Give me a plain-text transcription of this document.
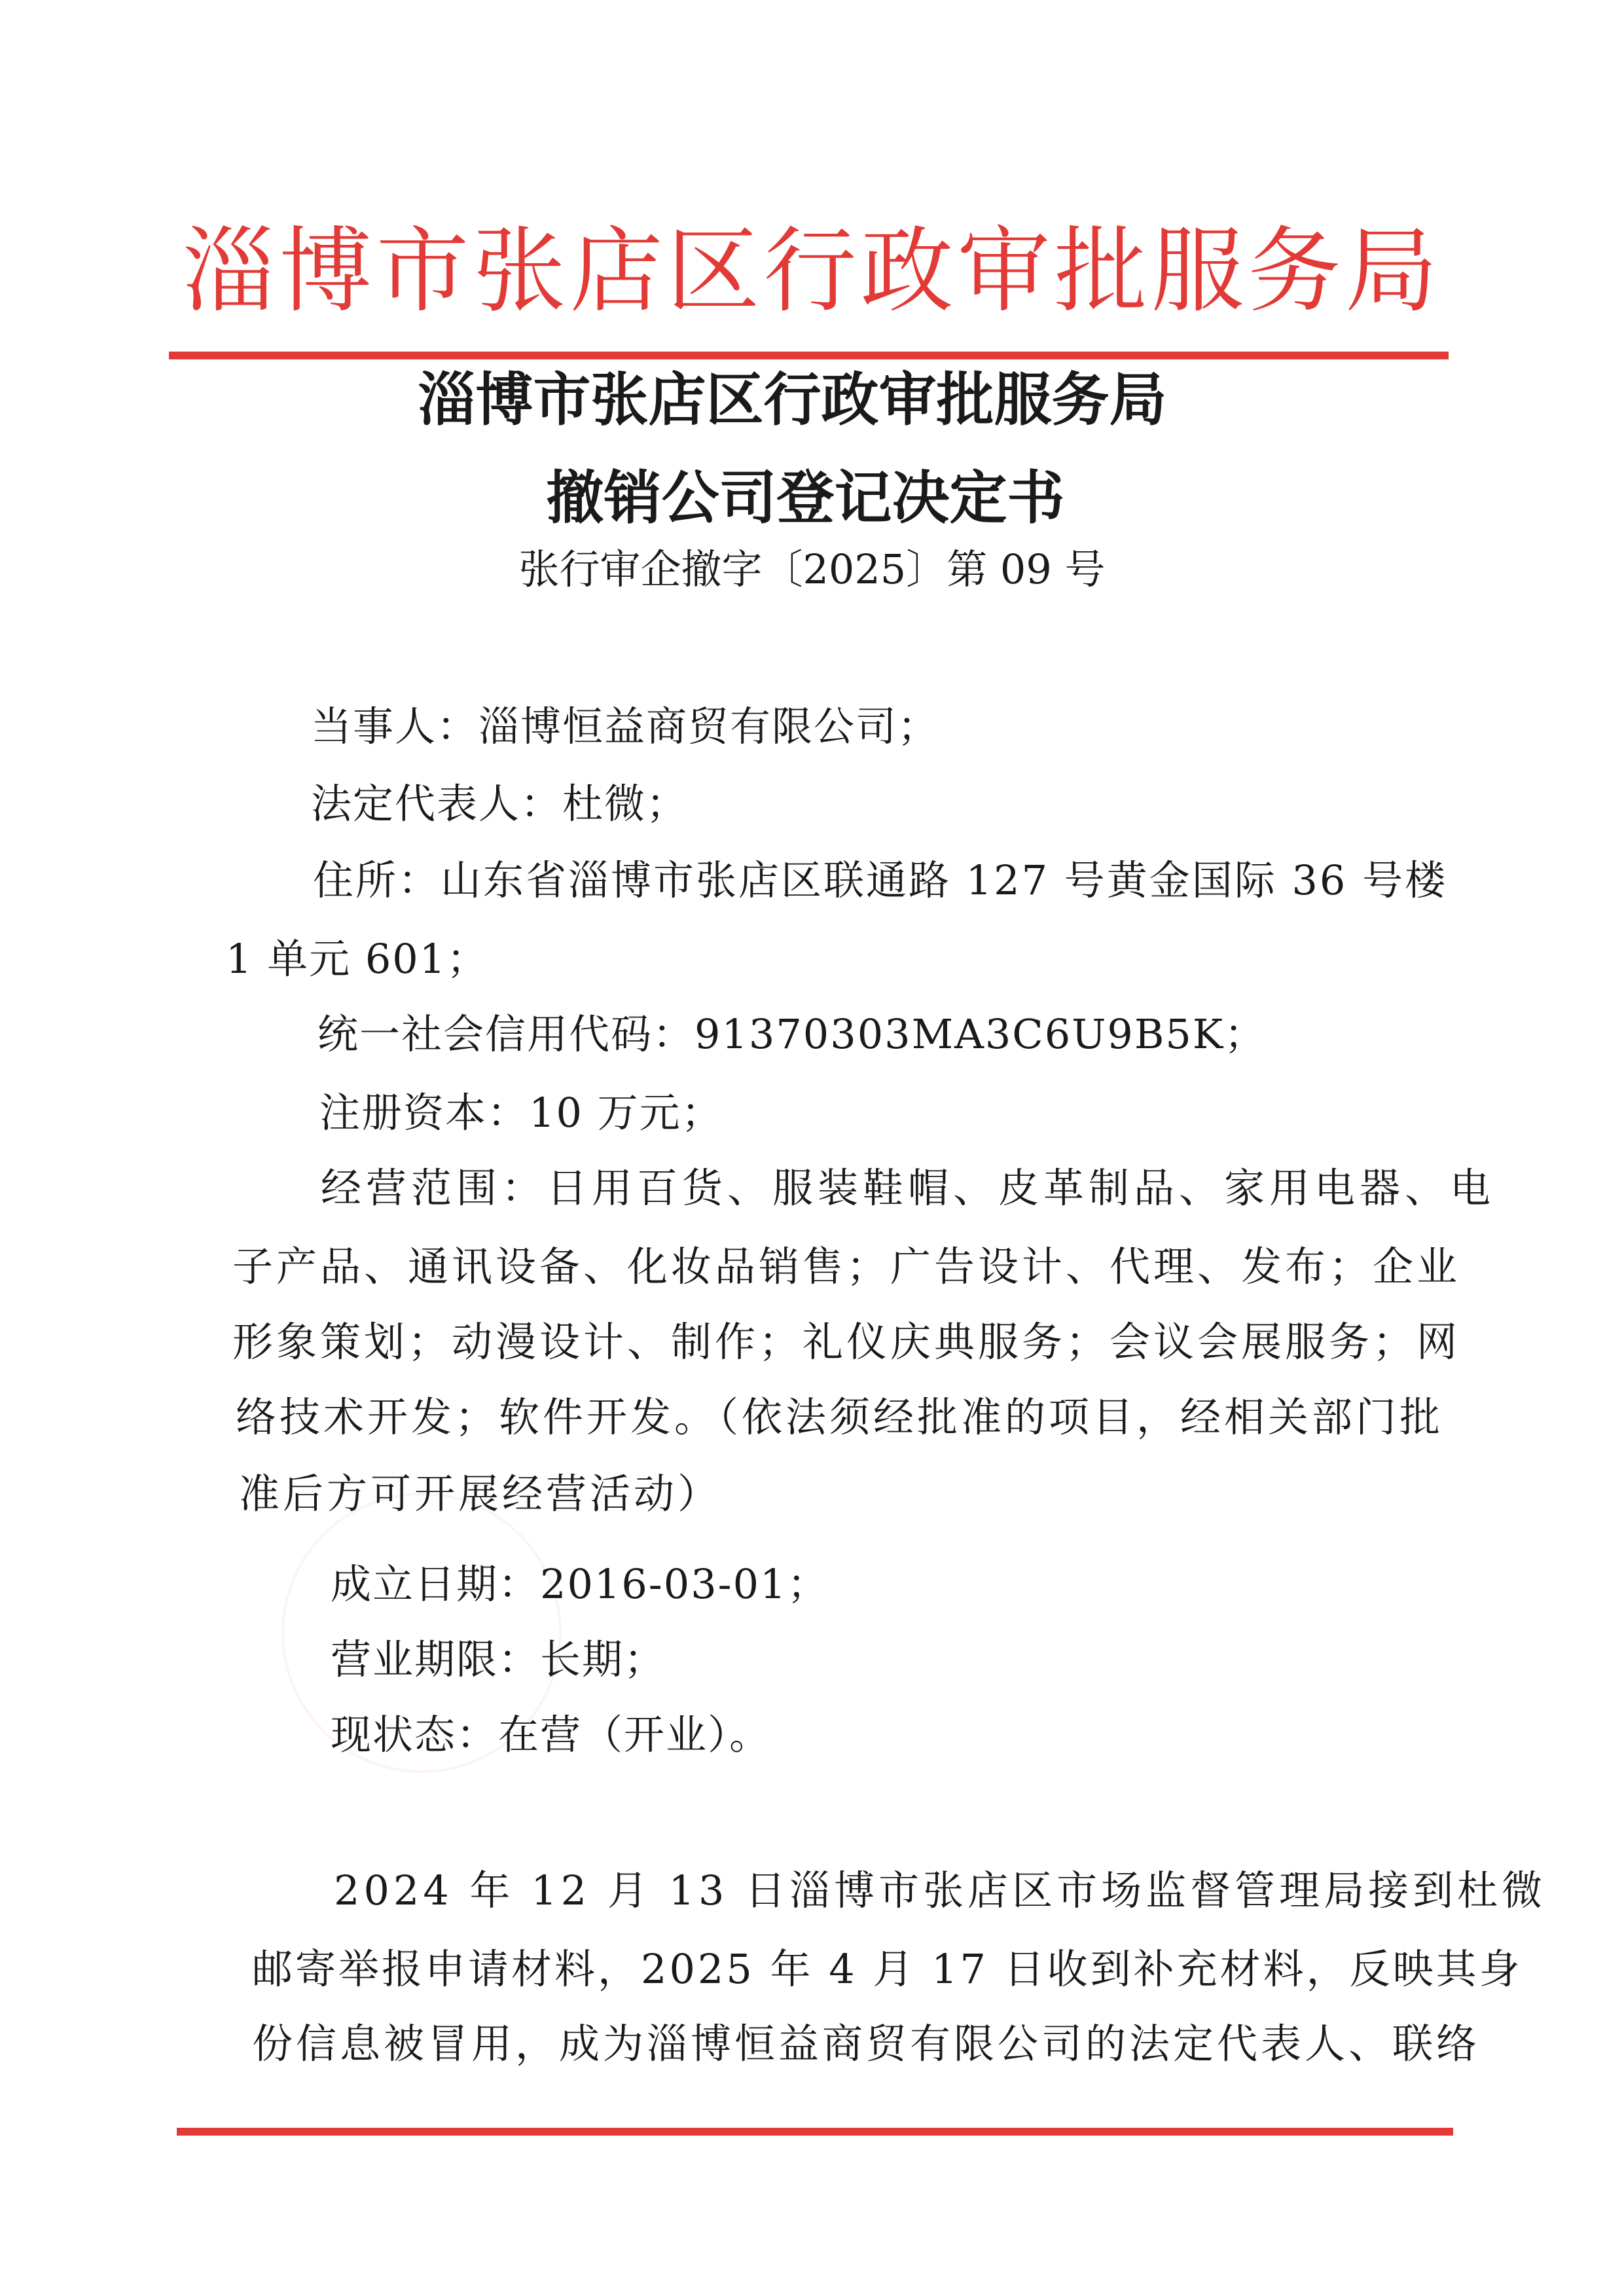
淄博市张店区行政审批服务局
淄博市张店区行政审批服务局
撤销公司登记决定书
张行审企撤字〔2025〕第 09 号
当事人：淄博恒益商贸有限公司；
法定代表人：杜微；
住所：山东省淄博市张店区联通路 127 号黄金国际 36 号楼
1 单元 601；
统一社会信用代码：91370303MA3C6U9B5K；
注册资本：10 万元；
经营范围：日用百货、服装鞋帽、皮革制品、家用电器、电
子产品、通讯设备、化妆品销售；广告设计、代理、发布；企业
形象策划；动漫设计、制作；礼仪庆典服务；会议会展服务；网
络技术开发；软件开发。（依法须经批准的项目，经相关部门批
准后方可开展经营活动）
成立日期：2016-03-01；
营业期限：长期；
现状态：在营（开业）。
2024 年 12 月 13 日淄博市张店区市场监督管理局接到杜微
邮寄举报申请材料，2025 年 4 月 17 日收到补充材料，反映其身
份信息被冒用，成为淄博恒益商贸有限公司的法定代表人、联络
